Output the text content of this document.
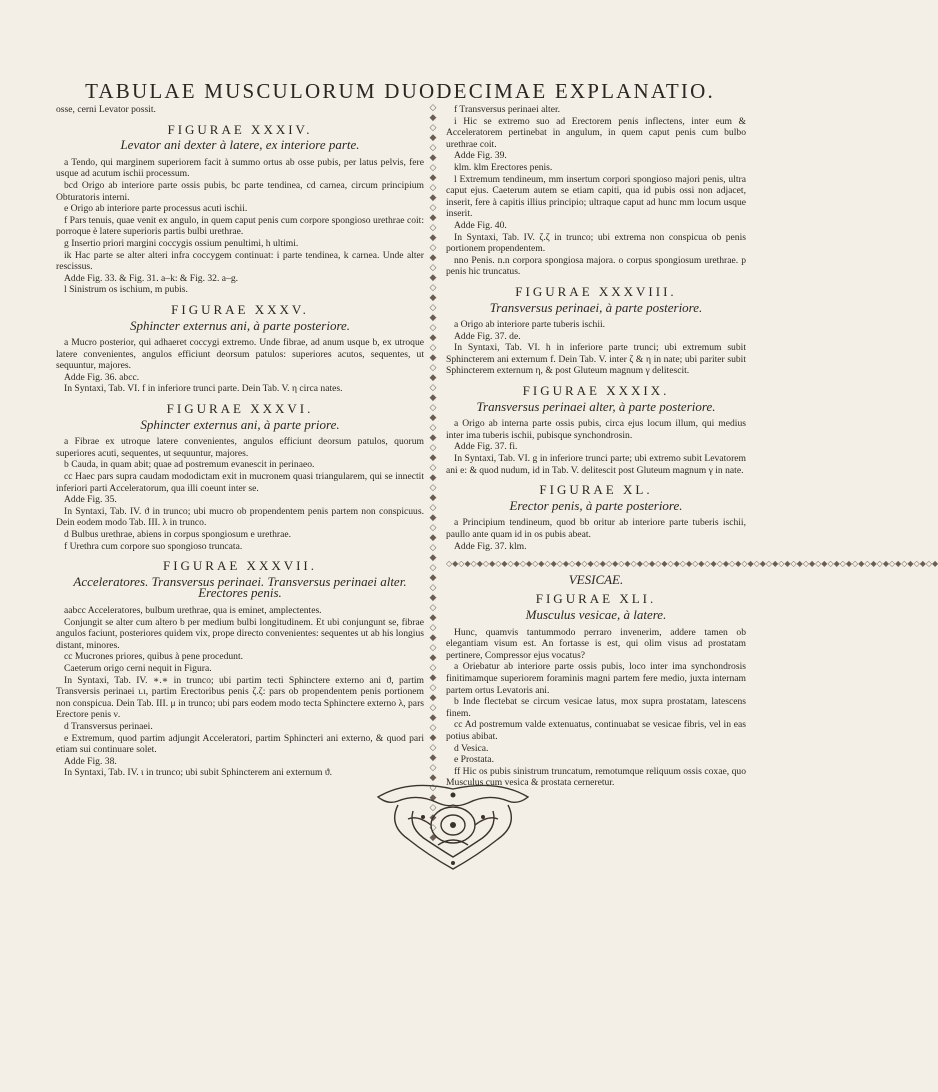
TABULAE MUSCULORUM DUODECIMAE EXPLANATIO.

osse, cerni Levator possit.

FIGURAE XXXIV.
Levator ani dexter à latere, ex interiore parte.

a Tendo, qui marginem superiorem facit à summo ortus ab osse pubis, per latus pelvis, fere usque ad acutum ischii processum.

bcd Origo ab interiore parte ossis pubis, bc parte tendinea, cd carnea, circum principium Obturatoris interni.

e Origo ab interiore parte processus acuti ischii.

f Pars tenuis, quae venit ex angulo, in quem caput penis cum corpore spongioso urethrae coit: porroque è latere superioris partis bulbi urethrae.

g Insertio priori margini coccygis ossium penultimi, h ultimi.

ik Hac parte se alter alteri infra coccygem continuat: i parte tendinea, k carnea. Unde alter rescissus.

Adde Fig. 33. & Fig. 31. a–k: & Fig. 32. a–g.

l Sinistrum os ischium, m pubis.

FIGURAE XXXV.
Sphincter externus ani, à parte posteriore.

a Mucro posterior, qui adhaeret coccygi extremo. Unde fibrae, ad anum usque b, ex utroque latere convenientes, angulos efficiunt deorsum patulos: superiores acutos, sequentes, ut sequuntur, majores.

Adde Fig. 36. abcc.

In Syntaxi, Tab. VI. f in inferiore trunci parte. Dein Tab. V. η circa nates.

FIGURAE XXXVI.
Sphincter externus ani, à parte priore.

a Fibrae ex utroque latere convenientes, angulos efficiunt deorsum patulos, quorum superiores acuti, sequentes, ut sequuntur, majores.

b Cauda, in quam abit; quae ad postremum evanescit in perinaeo.

cc Haec pars supra caudam mododictam exit in mucronem quasi triangularem, qui se innectit inferiori parti Acceleratorum, qua illi coeunt inter se.

Adde Fig. 35.

In Syntaxi, Tab. IV. ϑ in trunco; ubi mucro ob propendentem penis partem non conspicuus. Dein eodem modo Tab. III. λ in trunco.

d Bulbus urethrae, abiens in corpus spongiosum e urethrae.

f Urethra cum corpore suo spongioso truncata.

FIGURAE XXXVII.
Acceleratores. Transversus perinaei. Transversus perinaei alter. Erectores penis.

aabcc Acceleratores, bulbum urethrae, qua is eminet, amplectentes.

Conjungit se alter cum altero b per medium bulbi longitudinem. Et ubi conjungunt se, fibrae angulos faciunt, posteriores quidem vix, prope directo convenientes: sequentes ut ab his longius distant, minores.

cc Mucrones priores, quibus à pene procedunt.

Caeterum origo cerni nequit in Figura.

In Syntaxi, Tab. IV. ∗.∗ in trunco; ubi partim tecti Sphinctere externo ani ϑ, partim Transversis perinaei ι.ι, partim Erectoribus penis ζ.ζ: pars ob propendentem penis portionem non conspicua. Dein Tab. III. μ in trunco; ubi pars eodem modo tecta Sphinctere externo λ, pars Erectore penis ν.

d Transversus perinaei.

e Extremum, quod partim adjungit Acceleratori, partim Sphincteri ani externo, & quod pari etiam sui continuare solet.

Adde Fig. 38.

In Syntaxi, Tab. IV. ι in trunco; ubi subit Sphincterem ani externum ϑ.

◇
◆
◇
◆
◇
◆
◇
◆
◇
◆
◇
◆
◇
◆
◇
◆
◇
◆
◇
◆
◇
◆
◇
◆
◇
◆
◇
◆
◇
◆
◇
◆
◇
◆
◇
◆
◇
◆
◇
◆
◇
◆
◇
◆
◇
◆
◇
◆
◇
◆
◇
◆
◇
◆
◇
◆
◇
◆
◇
◆
◇
◆
◇
◆
◇
◆
◇
◆
◇
◆
◇
◆
◇
◆

f Transversus perinaei alter.

i Hic se extremo suo ad Erectorem penis inflectens, inter eum & Acceleratorem pertinebat in angulum, in quem caput penis cum bulbo urethrae coit.

Adde Fig. 39.

klm. klm Erectores penis.

l Extremum tendineum, mm insertum corpori spongioso majori penis, ultra caput ejus. Caeterum autem se etiam capiti, qua id pubis ossi non adjacet, inserit, fere à capitis illius principio; ultraque caput ad hunc mm locum usque inserit.

Adde Fig. 40.

In Syntaxi, Tab. IV. ζ.ζ in trunco; ubi extrema non conspicua ob penis portionem propendentem.

nno Penis. n.n corpora spongiosa majora. o corpus spongiosum urethrae. p penis hic truncatus.

FIGURAE XXXVIII.
Transversus perinaei, à parte posteriore.

a Origo ab interiore parte tuberis ischii.

Adde Fig. 37. de.

In Syntaxi, Tab. VI. h in inferiore parte trunci; ubi extremum subit Sphincterem ani externum f. Dein Tab. V. inter ζ & η in nate; ubi pariter subit Sphincterem externum η, & post Gluteum magnum γ delitescit.

FIGURAE XXXIX.
Transversus perinaei alter, à parte posteriore.

a Origo ab interna parte ossis pubis, circa ejus locum illum, qui medius inter ima tuberis ischii, pubisque synchondrosin.

Adde Fig. 37. fi.

In Syntaxi, Tab. VI. g in inferiore trunci parte; ubi extremo subit Levatorem ani e: & quod nudum, id in Tab. V. delitescit post Gluteum magnum γ in nate.

FIGURAE XL.
Erector penis, à parte posteriore.

a Principium tendineum, quod bb oritur ab interiore parte tuberis ischii, paullo ante quam id in os pubis abeat.

Adde Fig. 37. klm.

◇◆◇◆◇◆◇◆◇◆◇◆◇◆◇◆◇◆◇◆◇◆◇◆◇◆◇◆◇◆◇◆◇◆◇◆◇◆◇◆◇◆◇◆◇◆◇◆◇◆◇◆◇◆◇◆◇◆◇◆◇◆◇◆◇◆◇◆◇◆◇◆◇◆◇◆◇◆◇◆
VESICAE.
FIGURAE XLI.
Musculus vesicae, à latere.

Hunc, quamvis tantummodo perraro invenerim, addere tamen ob elegantiam visum est. An fortasse is est, qui olim visus ad prostatam pertinere, Compressor ejus vocatus?

a Oriebatur ab interiore parte ossis pubis, loco inter ima synchondrosis finitimamque superiorem foraminis magni partem fere medio, juxta internam partem ortus Levatoris ani.

b Inde flectebat se circum vesicae latus, mox supra prostatam, latescens finem.

cc Ad postremum valde extenuatus, continuabat se vesicae fibris, vel in eas potius abibat.

d Vesica.

e Prostata.

ff Hic os pubis sinistrum truncatum, remotumque reliquum ossis coxae, quo Musculus cum vesica & prostata cerneretur.
